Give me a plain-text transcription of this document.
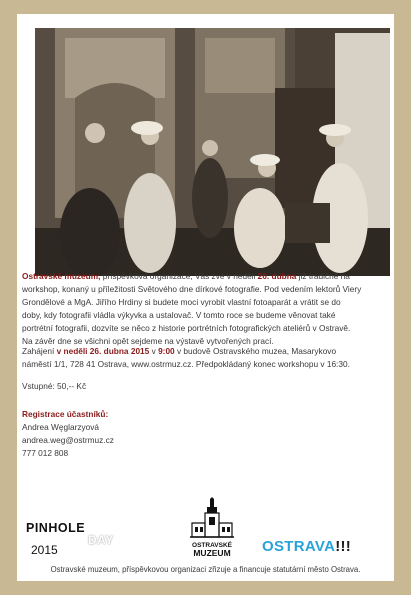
Ostravské muzeum, příspěvková organizace, Vás zve v neděli 26. dubna již tradičně na workshop, konaný u příležitosti Světového dne dírkové fotografie. Pod vedením lektorů Viery Grondělové a MgA. Jiřího Hrdiny si budete moci vyrobit vlastní fotoaparát a vrátit se do doby, kdy fotografii vládla výkyvka a ustalovač. V tomto roce se budeme věnovat také portrétní fotografii, dozvíte se něco z historie portrétních fotografických ateliérů v Ostravě. Na závěr dne se všichni opět sejdeme na výstavě vytvořených prací.
Zahájení v neděli 26. dubna 2015 v 9:00 v budově Ostravského muzea, Masarykovo náměstí 1/1, 728 41 Ostrava, www.ostrmuz.cz. Předpokládaný konec workshopu v 16:30.
Vstupné: 50,-- Kč
Registrace účastníků:
Andrea Węglarzyová
andrea.weg@ostrmuz.cz
777 012 808
PINHOLE
DAY
2015	OSTRAVSKÉ
MUZEUM OSTRAVA!!!
Ostravské muzeum, příspěvkovou organizaci zřizuje a financuje statutární město Ostrava.
